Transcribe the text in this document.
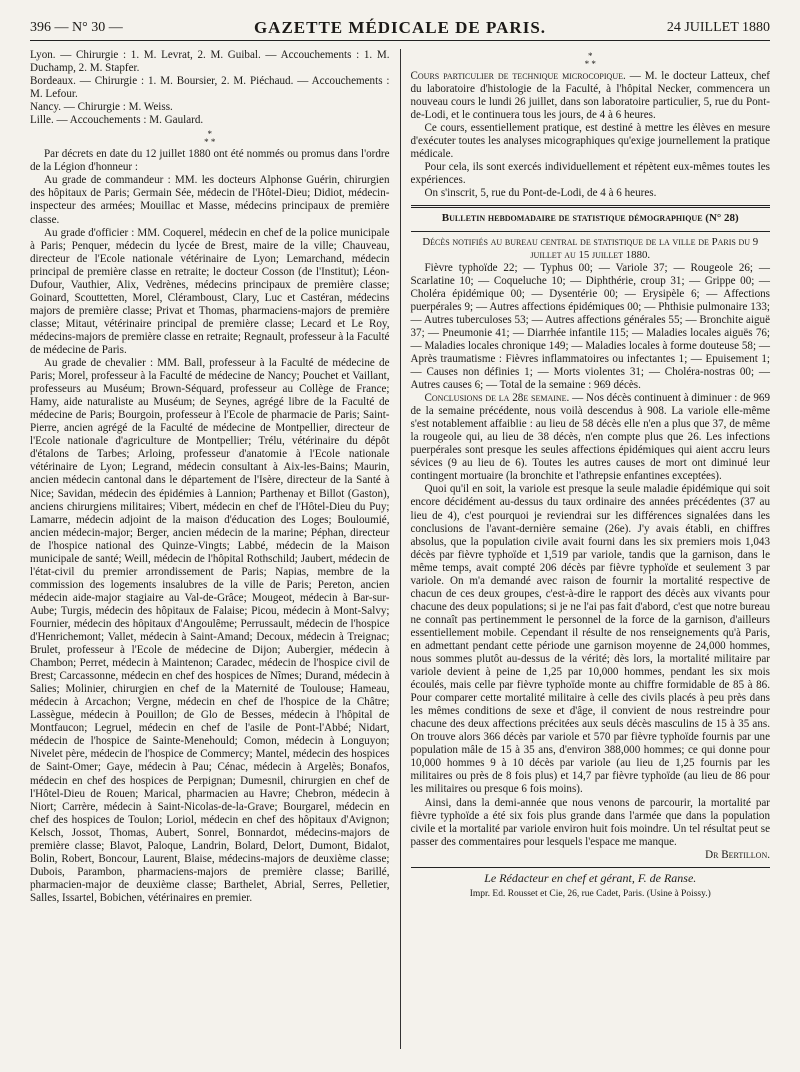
396 — N° 30 —	GAZETTE MÉDICALE DE PARIS.	24 JUILLET 1880

Lyon. — Chirurgie : 1. M. Levrat, 2. M. Guibal. — Accouchements : 1. M. Duchamp, 2. M. Stapfer.

Bordeaux. — Chirurgie : 1. M. Boursier, 2. M. Piéchaud. — Accouchements : M. Lefour.

Nancy. — Chirurgie : M. Weiss.

Lille. — Accouchements : M. Gaulard.

*
* *

Par décrets en date du 12 juillet 1880 ont été nommés ou promus dans l'ordre de la Légion d'honneur :

Au grade de commandeur : MM. les docteurs Alphonse Guérin, chirurgien des hôpitaux de Paris; Germain Sée, médecin de l'Hôtel-Dieu; Didiot, médecin-inspecteur des armées; Mouillac et Masse, médecins principaux de première classe.

Au grade d'officier : MM. Coquerel, médecin en chef de la police municipale à Paris; Penquer, médecin du lycée de Brest, maire de la ville; Chauveau, directeur de l'Ecole nationale vétérinaire de Lyon; Lemarchand, médecin principal de première classe en retraite; le docteur Cosson (de l'Institut); Léon-Dufour, Vauthier, Alix, Vedrènes, médecins principaux de première classe; Goinard, Scouttetten, Morel, Cléramboust, Clary, Luc et Castéran, médecins majors de première classe; Privat et Thomas, pharmaciens-majors de première classe; Mitaut, vétérinaire principal de première classe; Lecard et Le Roy, médecins-majors de première classe en retraite; Regnault, professeur à la Faculté de médecine de Paris.

Au grade de chevalier : MM. Ball, professeur à la Faculté de médecine de Paris; Morel, professeur à la Faculté de médecine de Nancy; Pouchet et Vaillant, professeurs au Muséum; Brown-Séquard, professeur au Collège de France; Hamy, aide naturaliste au Muséum; de Seynes, agrégé libre de la Faculté de médecine de Paris; Bourgoin, professeur à l'Ecole de pharmacie de Paris; Saint-Pierre, ancien agrégé de la Faculté de médecine de Montpellier, directeur de l'Ecole nationale d'agriculture de Montpellier; Trélu, vétérinaire du dépôt d'étalons de Tarbes; Arloing, professeur d'anatomie à l'Ecole nationale vétérinaire de Lyon; Legrand, médecin consultant à Aix-les-Bains; Maurin, ancien médecin cantonal dans le département de l'Isère, directeur de la Santé à Nice; Savidan, médecin des épidémies à Lannion; Parthenay et Billot (Gaston), anciens chirurgiens militaires; Vibert, médecin en chef de l'Hôtel-Dieu du Puy; Lamarre, médecin adjoint de la maison d'éducation des Loges; Bouloumié, ancien médecin-major; Berger, ancien médecin de la marine; Péphan, directeur de l'hospice national des Quinze-Vingts; Labbé, médecin de la Maison municipale de santé; Weill, médecin de l'hôpital Rothschild; Jaubert, médecin de l'état-civil du premier arrondissement de Paris; Napias, membre de la commission des logements insalubres de la ville de Paris; Pereton, ancien médecin aide-major stagiaire au Val-de-Grâce; Mougeot, médecin à Bar-sur-Aube; Turgis, médecin des hôpitaux de Falaise; Picou, médecin à Mont-Salvy; Fournier, médecin des hôpitaux d'Angoulême; Perrussault, médecin de l'hospice d'Henrichemont; Vallet, médecin à Saint-Amand; Decoux, médecin à Treignac; Brulet, professeur à l'Ecole de médecine de Dijon; Aubergier, médecin à Chambon; Perret, médecin à Maintenon; Caradec, médecin de l'hospice civil de Brest; Carcassonne, médecin en chef des hospices de Nîmes; Durand, médecin à Salies; Molinier, chirurgien en chef de la Maternité de Toulouse; Hameau, médecin à Arcachon; Vergne, médecin en chef de l'hospice de la Châtre; Lassègue, médecin à Pouillon; de Glo de Besses, médecin à l'hôpital de Montfaucon; Legruel, médecin en chef de l'asile de Pont-l'Abbé; Nidart, médecin de l'hospice de Sainte-Menehould; Comon, médecin à Longuyon; Nivelet père, médecin de l'hospice de Commercy; Mantel, médecin des hospices de Saint-Omer; Gaye, médecin à Pau; Cénac, médecin à Argelès; Bonafos, médecin en chef des hospices de Perpignan; Dumesnil, chirurgien en chef de l'Hôtel-Dieu de Rouen; Marical, pharmacien au Havre; Chebron, médecin à Niort; Carrère, médecin à Saint-Nicolas-de-la-Grave; Bourgarel, médecin en chef des hospices de Toulon; Loriol, médecin en chef des hôpitaux d'Avignon; Kelsch, Jossot, Thomas, Aubert, Sonrel, Bonnardot, médecins-majors de première classe; Blavot, Paloque, Landrin, Bolard, Delort, Dumont, Bidalot, Bolin, Robert, Boncour, Laurent, Blaise, médecins-majors de deuxième classe; Dubois, Parambon, pharmaciens-majors de première classe; Barillé, pharmacien-major de deuxième classe; Barthelet, Abrial, Serres, Pelletier, Salles, Issartel, Bobichen, vétérinaires en premier.

*
* *

Cours particulier de technique microcopique. — M. le docteur Latteux, chef du laboratoire d'histologie de la Faculté, à l'hôpital Necker, commencera un nouveau cours le lundi 26 juillet, dans son laboratoire particulier, 5, rue du Pont-de-Lodi, et le continuera tous les jours, de 4 à 6 heures.

Ce cours, essentiellement pratique, est destiné à mettre les élèves en mesure d'exécuter toutes les analyses micographiques qu'exige journellement la pratique médicale.

Pour cela, ils sont exercés individuellement et répètent eux-mêmes toutes les expériences.

On s'inscrit, 5, rue du Pont-de-Lodi, de 4 à 6 heures.

Bulletin hebdomadaire de statistique démographique (N° 28)

Décès notifiés au bureau central de statistique de la ville de Paris du 9 juillet au 15 juillet 1880.

Fièvre typhoïde 22; — Typhus 00; — Variole 37; — Rougeole 26; — Scarlatine 10; — Coqueluche 10; — Diphthérie, croup 31; — Grippe 00; — Choléra épidémique 00; — Dysentérie 00; — Erysipèle 6; — Affections puerpérales 9; — Autres affections épidémiques 00; — Phthisie pulmonaire 133; — Autres tuberculoses 53; — Autres affections générales 55; — Bronchite aiguë 37; — Pneumonie 41; — Diarrhée infantile 115; — Maladies locales aiguës 76; — Maladies locales chronique 149; — Maladies locales à forme douteuse 58; — Après traumatisme : Fièvres inflammatoires ou infectantes 1; — Epuisement 1; — Causes non définies 1; — Morts violentes 31; — Choléra-nostras 00; — Autres causes 6; — Total de la semaine : 969 décès.

Conclusions de la 28e semaine. — Nos décès continuent à diminuer : de 969 de la semaine précédente, nous voilà descendus à 908. La variole elle-même s'est notablement affaiblie : au lieu de 58 décès elle n'en a plus que 37, de même la rougeole qui, au lieu de 38 décès, n'en compte plus que 26. Les infections puerpérales sont presque les seules affections épidémiques qui aient accru leurs sévices (9 au lieu de 6). Toutes les autres causes de mort ont diminué leur contingent mortuaire (la bronchite et l'athrepsie enfantines exceptées).

Quoi qu'il en soit, la variole est presque la seule maladie épidémique qui soit encore décidément au-dessus du taux ordinaire des années précédentes (37 au lieu de 4), c'est pourquoi je reviendrai sur les différences signalées dans les conclusions de l'avant-dernière semaine (26e). J'y avais établi, en chiffres absolus, que la population civile avait fourni dans les six premiers mois 1,043 décès par fièvre typhoïde et 1,519 par variole, tandis que la garnison, dans le même temps, avait compté 206 décès par fièvre typhoïde et seulement 3 par variole. On m'a demandé avec raison de fournir la mortalité respective de chacun de ces deux groupes, c'est-à-dire le rapport des décès aux vivants pour chacune des deux populations; si je ne l'ai pas fait d'abord, c'est que notre bureau ne connaît pas pertinemment le personnel de la force de la garnison, d'ailleurs essentiellement mobile. Cependant il résulte de nos renseignements qu'à Paris, en admettant pendant cette période une garnison moyenne de 24,000 hommes, nous sommes plutôt au-dessus de la vérité; dès lors, la mortalité militaire par variole devient à peine de 1,25 par 10,000 hommes, pendant les six mois écoulés, mais celle par fièvre typhoïde monte au chiffre formidable de 85 à 86. Pour comparer cette mortalité militaire à celle des civils placés à peu près dans les mêmes conditions de sexe et d'âge, il convient de nous restreindre pour chacune des deux affections précitées aux seuls décès masculins de 15 à 35 ans. On trouve alors 366 décès par variole et 570 par fièvre typhoïde fournis par une population mâle de 15 à 35 ans, d'environ 388,000 hommes; ce qui donne pour 10,000 hommes 9 à 10 décès par variole (au lieu de 1,25 fournis par les militaires ou près de 8 fois plus) et 14,7 par fièvre typhoïde (au lieu de 86 pour les militaires ou presque 6 fois moins).

Ainsi, dans la demi-année que nous venons de parcourir, la mortalité par fièvre typhoïde a été six fois plus grande dans l'armée que dans la population civile et la mortalité par variole environ huit fois moindre. Un tel résultat peut se passer des commentaires pour lesquels l'espace me manque.

Dr Bertillon.

Le Rédacteur en chef et gérant, F. de Ranse.
Impr. Ed. Rousset et Cie, 26, rue Cadet, Paris. (Usine à Poissy.)
